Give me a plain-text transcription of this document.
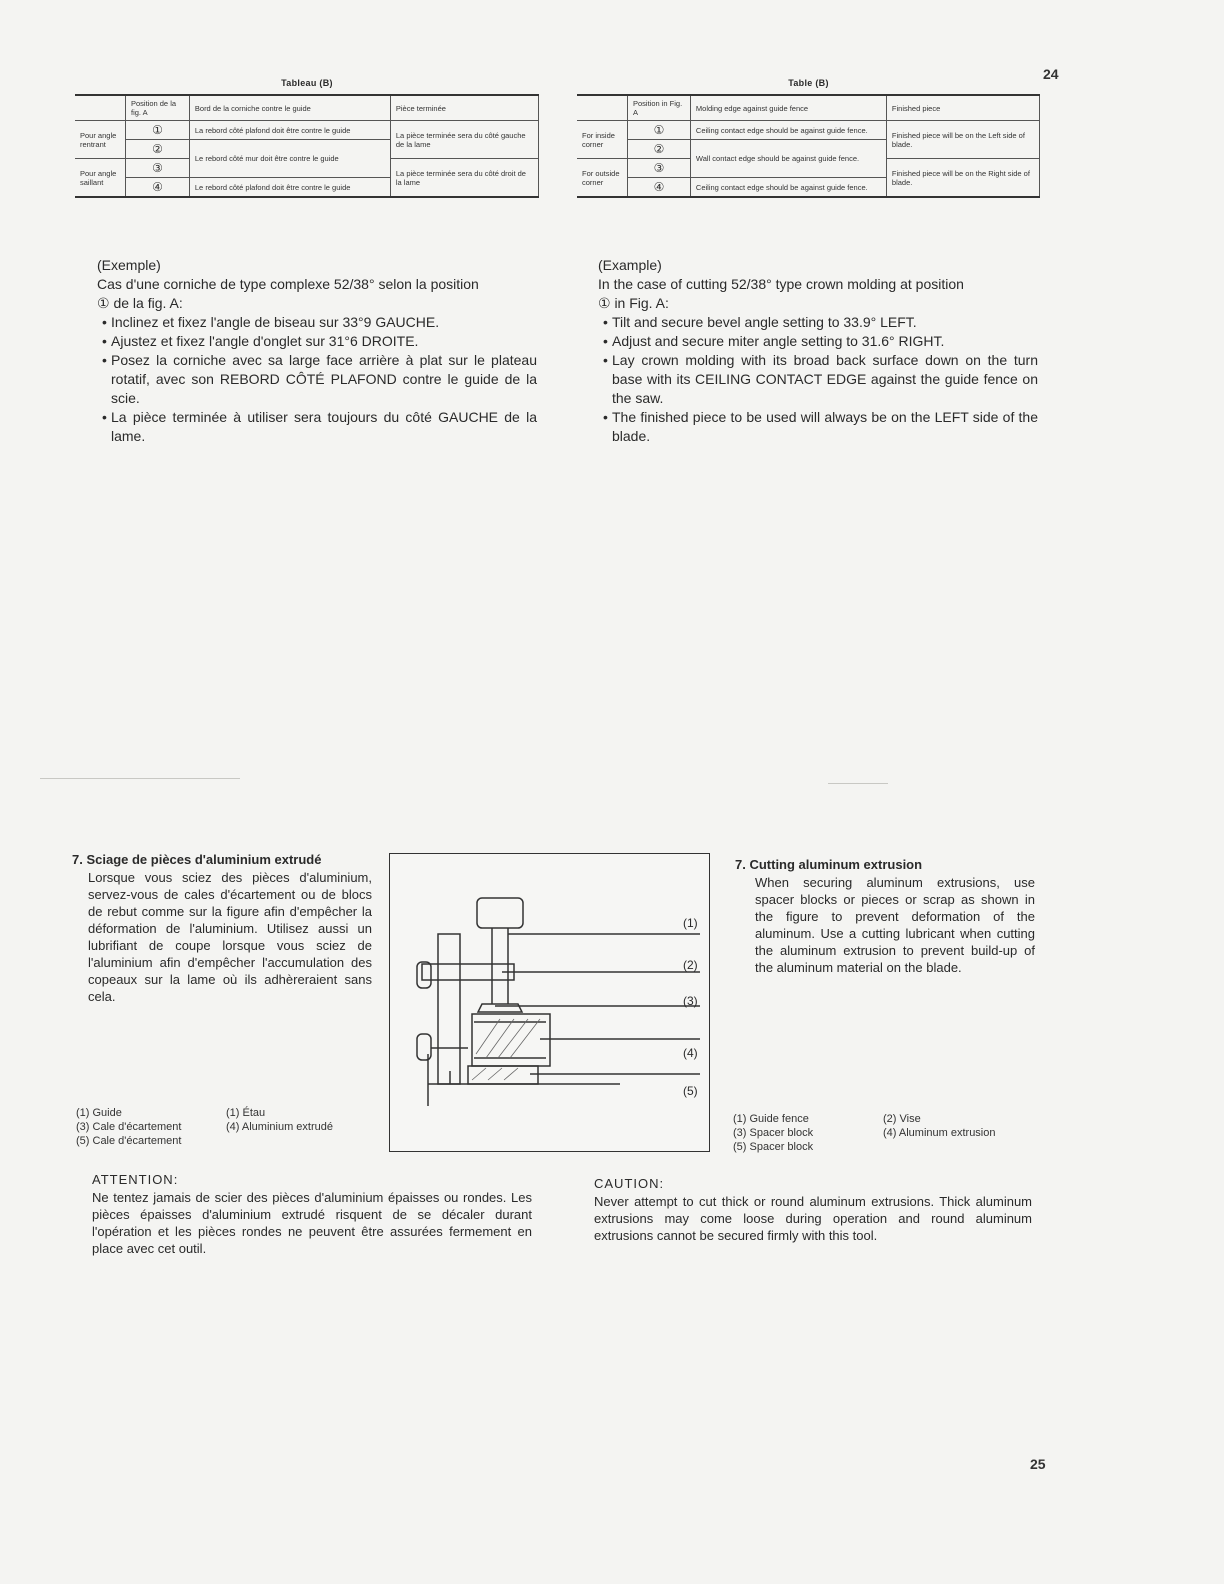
24
25
Tableau (B)
	Position de la fig. A	Bord de la corniche contre le guide	Pièce terminée
Pour angle rentrant	①	La rebord côté plafond doit être contre le guide	La pièce terminée sera du côté gauche de la lame
	②	Le rebord côté mur doit être contre le guide	
Pour angle saillant	③		La pièce terminée sera du côté droit de la lame
	④	Le rebord côté plafond doit être contre le guide	
Table (B)
	Position in Fig. A	Molding edge against guide fence	Finished piece
For inside corner	①	Ceiling contact edge should be against guide fence.	Finished piece will be on the Left side of blade.
	②	Wall contact edge should be against guide fence.	
For outside corner	③		Finished piece will be on the Right side of blade.
	④	Ceiling contact edge should be against guide fence.	

(Exemple)

Cas d'une corniche de type complexe 52/38° selon la position

① de la fig. A:

• Inclinez et fixez l'angle de biseau sur 33°9 GAUCHE.

• Ajustez et fixez l'angle d'onglet sur 31°6 DROITE.

• Posez la corniche avec sa large face arrière à plat sur le plateau rotatif, avec son REBORD CÔTÉ PLAFOND contre le guide de la scie.

• La pièce terminée à utiliser sera toujours du côté GAUCHE de la lame.

(Example)

In the case of cutting 52/38° type crown molding at position

① in Fig. A:

• Tilt and secure bevel angle setting to 33.9° LEFT.

• Adjust and secure miter angle setting to 31.6° RIGHT.

• Lay crown molding with its broad back surface down on the turn base with its CEILING CONTACT EDGE against the guide fence on the saw.

• The finished piece to be used will always be on the LEFT side of the blade.

7. Sciage de pièces d'aluminium extrudé

Lorsque vous sciez des pièces d'aluminium, servez-vous de cales d'écartement ou de blocs de rebut comme sur la figure afin d'empêcher la déformation de l'aluminium. Utilisez aussi un lubrifiant de coupe lorsque vous sciez de l'aluminium afin d'empêcher l'accumulation des copeaux sur la lame où ils adhèreraient sans cela.

(1) Guide	(1) Étau
(3) Cale d'écartement	(4) Aluminium extrudé
(5) Cale d'écartement
(1)
(2)
(3)
(4)
(5)

7. Cutting aluminum extrusion

When securing aluminum extrusions, use spacer blocks or pieces or scrap as shown in the figure to prevent deformation of the aluminum. Use a cutting lubricant when cutting the aluminum extrusion to prevent build-up of the aluminum material on the blade.

(1) Guide fence	(2) Vise
(3) Spacer block	(4) Aluminum extrusion
(5) Spacer block

ATTENTION:

Ne tentez jamais de scier des pièces d'aluminium épaisses ou rondes. Les pièces épaisses d'aluminium extrudé risquent de se décaler durant l'opération et les pièces rondes ne peuvent être assurées fermement en place avec cet outil.

CAUTION:

Never attempt to cut thick or round aluminum extrusions. Thick aluminum extrusions may come loose during operation and round aluminum extrusions cannot be secured firmly with this tool.
